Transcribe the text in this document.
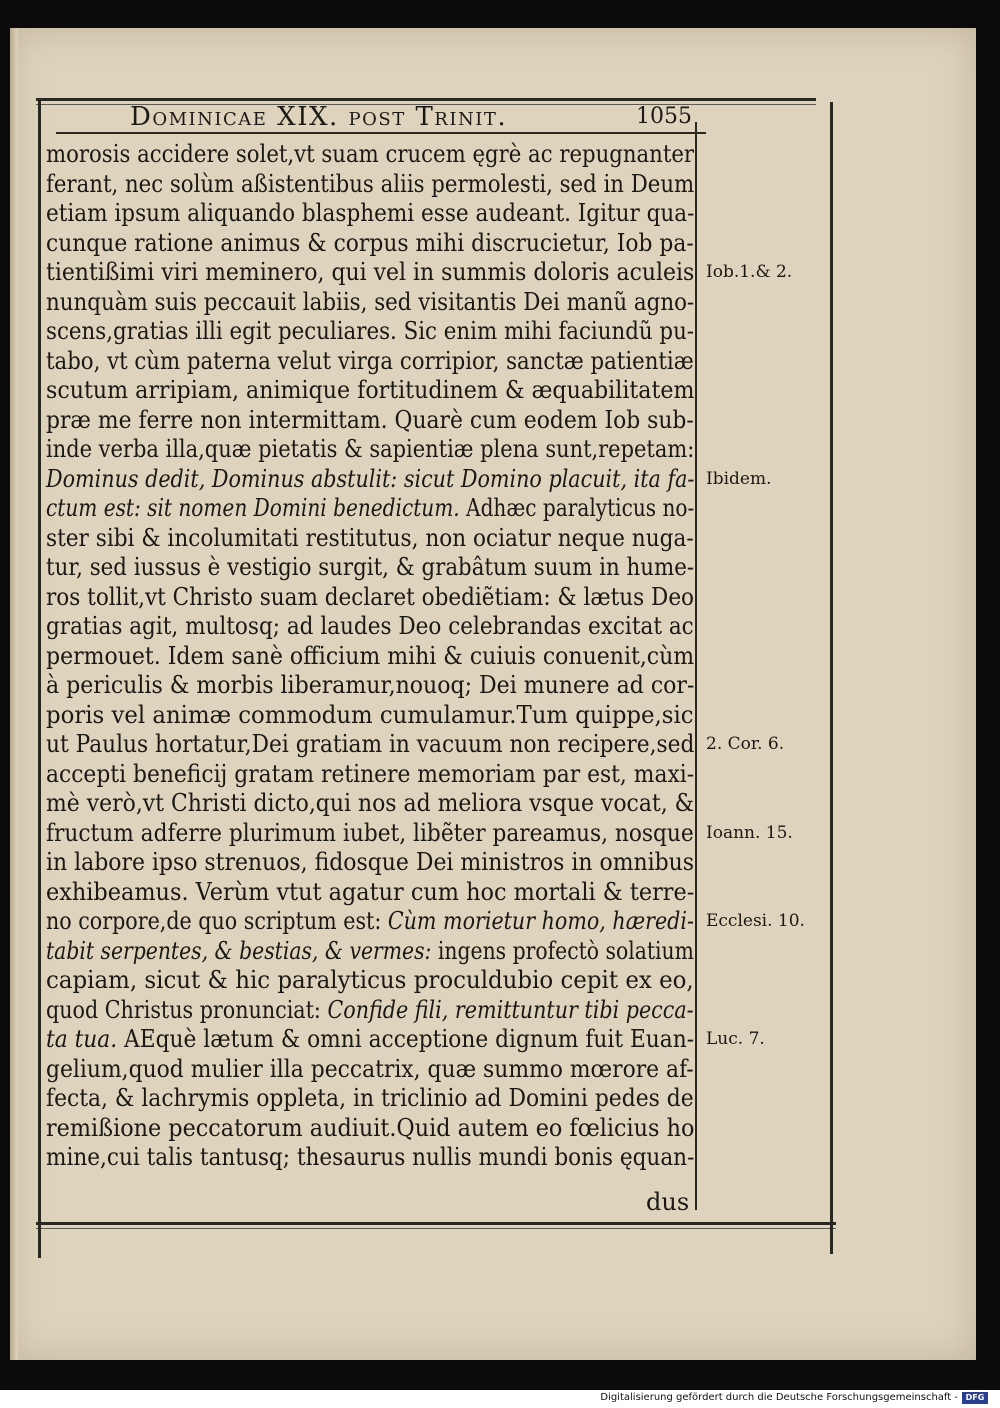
Dominicae XIX. post Trinit.	1055
morosis accidere solet,vt suam crucem ęgrè ac repugnanter
ferant, nec solùm aßistentibus aliis permolesti, sed in Deum
etiam ipsum aliquando blasphemi esse audeant. Igitur qua-
cunque ratione animus & corpus mihi discrucietur, Iob pa-
tientißimi viri meminero, qui vel in summis doloris aculeis
nunquàm suis peccauit labiis, sed visitantis Dei manũ agno-
scens,gratias illi egit peculiares. Sic enim mihi faciundũ pu-
tabo, vt cùm paterna velut virga corripior, sanctæ patientiæ
scutum arripiam, animique fortitudinem & æquabilitatem
præ me ferre non intermittam. Quarè cum eodem Iob sub-
inde verba illa,quæ pietatis & sapientiæ plena sunt,repetam:
Dominus dedit, Dominus abstulit: sicut Domino placuit, ita fa-
ctum est: sit nomen Domini benedictum. Adhæc paralyticus no-
ster sibi & incolumitati restitutus, non ociatur neque nuga-
tur, sed iussus è vestigio surgit, & grabâtum suum in hume-
ros tollit,vt Christo suam declaret obediẽtiam: & lætus Deo
gratias agit, multosq; ad laudes Deo celebrandas excitat ac
permouet. Idem sanè officium mihi & cuiuis conuenit,cùm
à periculis & morbis liberamur,nouoq; Dei munere ad cor-
poris vel animæ commodum cumulamur.Tum quippe,sic
ut Paulus hortatur,Dei gratiam in vacuum non recipere,sed
accepti beneficij gratam retinere memoriam par est, maxi-
mè verò,vt Christi dicto,qui nos ad meliora vsque vocat, &
fructum adferre plurimum iubet, libẽter pareamus, nosque
in labore ipso strenuos, fidosque Dei ministros in omnibus
exhibeamus. Verùm vtut agatur cum hoc mortali & terre-
no corpore,de quo scriptum est: Cùm morietur homo, hæredi-
tabit serpentes, & bestias, & vermes: ingens profectò solatium
capiam, sicut & hic paralyticus proculdubio cepit ex eo,
quod Christus pronunciat: Confide fili, remittuntur tibi pecca-
ta tua. AEquè lætum & omni acceptione dignum fuit Euan-
gelium,quod mulier illa peccatrix, quæ summo mœrore af-
fecta, & lachrymis oppleta, in triclinio ad Domini pedes de
remißione peccatorum audiuit.Quid autem eo fœlicius ho
mine,cui talis tantusq; thesaurus nullis mundi bonis ęquan-
Iob.1.& 2.
Ibidem.
2. Cor. 6.
Ioann. 15.
Ecclesi. 10.
Luc. 7.
dus
Digitalisierung gefördert durch die Deutsche Forschungsgemeinschaft - DFG
